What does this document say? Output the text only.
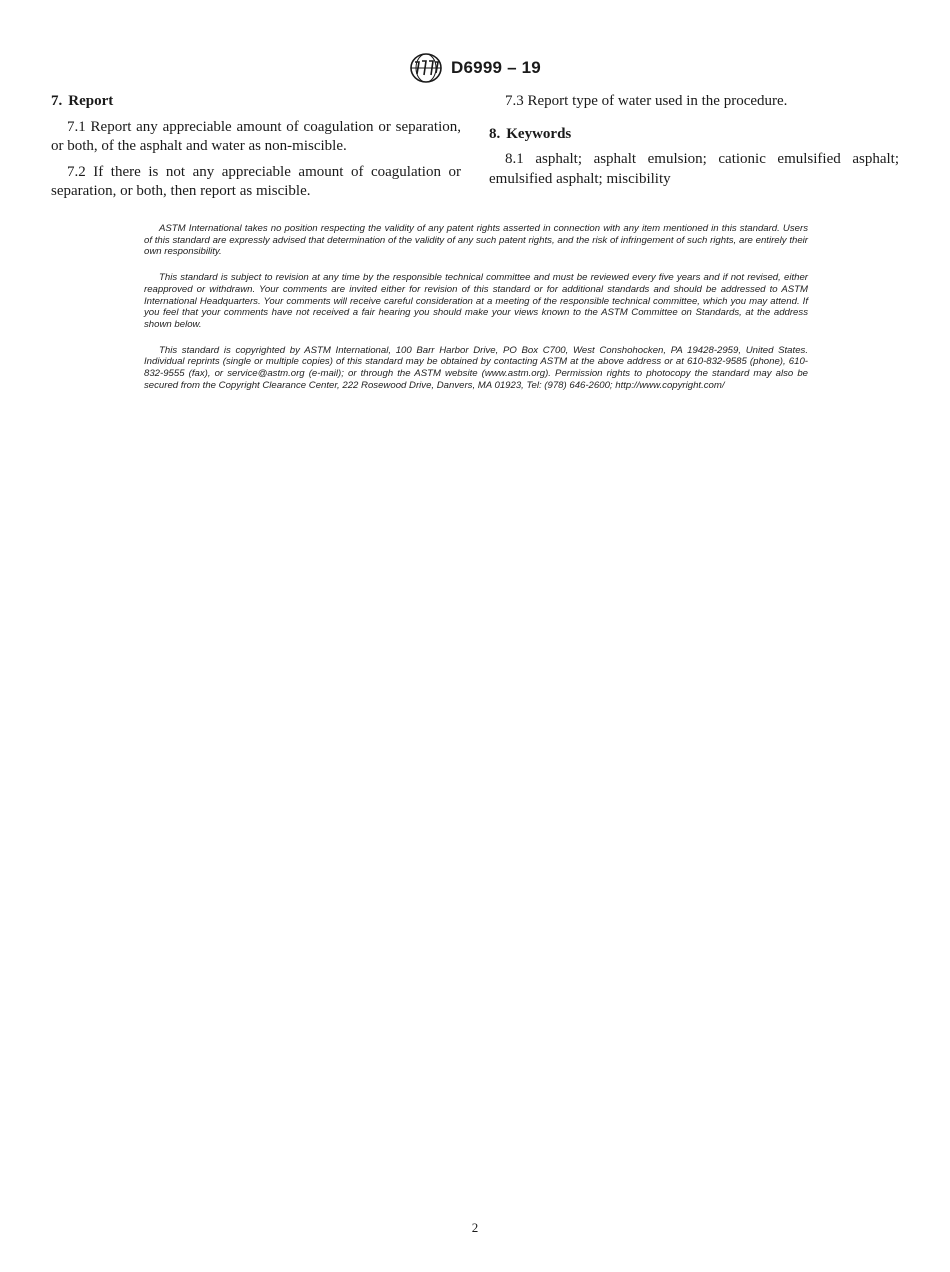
D6999 – 19
7. Report

7.1 Report any appreciable amount of coagulation or separation, or both, of the asphalt and water as non-miscible.

7.2 If there is not any appreciable amount of coagulation or separation, or both, then report as miscible.

7.3 Report type of water used in the procedure.

8. Keywords

8.1 asphalt; asphalt emulsion; cationic emulsified asphalt; emulsified asphalt; miscibility

ASTM International takes no position respecting the validity of any patent rights asserted in connection with any item mentioned in this standard. Users of this standard are expressly advised that determination of the validity of any such patent rights, and the risk of infringement of such rights, are entirely their own responsibility.

This standard is subject to revision at any time by the responsible technical committee and must be reviewed every five years and if not revised, either reapproved or withdrawn. Your comments are invited either for revision of this standard or for additional standards and should be addressed to ASTM International Headquarters. Your comments will receive careful consideration at a meeting of the responsible technical committee, which you may attend. If you feel that your comments have not received a fair hearing you should make your views known to the ASTM Committee on Standards, at the address shown below.

This standard is copyrighted by ASTM International, 100 Barr Harbor Drive, PO Box C700, West Conshohocken, PA 19428-2959, United States. Individual reprints (single or multiple copies) of this standard may be obtained by contacting ASTM at the above address or at 610-832-9585 (phone), 610-832-9555 (fax), or service@astm.org (e-mail); or through the ASTM website (www.astm.org). Permission rights to photocopy the standard may also be secured from the Copyright Clearance Center, 222 Rosewood Drive, Danvers, MA 01923, Tel: (978) 646-2600; http://www.copyright.com/

2
